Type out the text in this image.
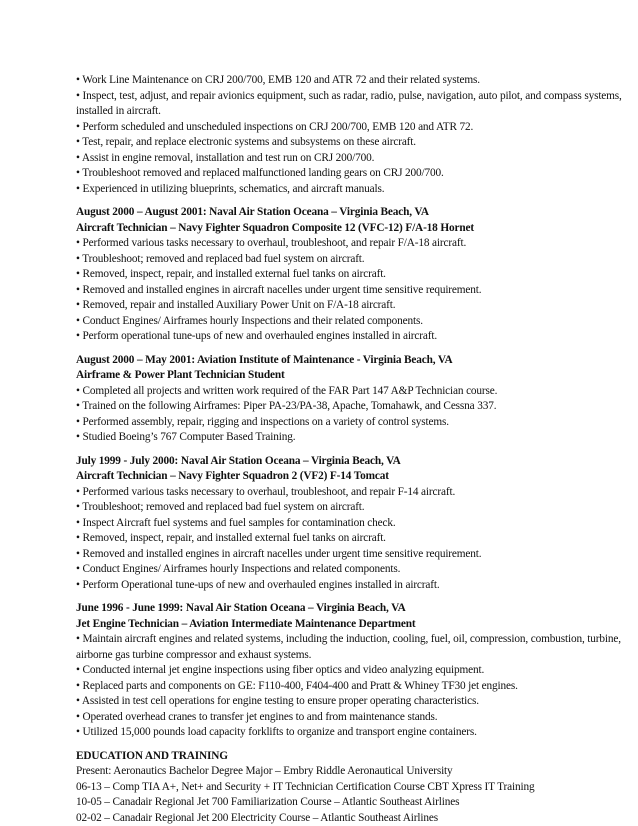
• Work Line Maintenance on CRJ 200/700, EMB 120 and ATR 72 and their related systems.
• Inspect, test, adjust, and repair avionics equipment, such as radar, radio, pulse, navigation, auto pilot, and compass systems, installed in aircraft.
• Perform scheduled and unscheduled inspections on CRJ 200/700, EMB 120 and ATR 72.
• Test, repair, and replace electronic systems and subsystems on these aircraft.
• Assist in engine removal, installation and test run on CRJ 200/700.
• Troubleshoot removed and replaced malfunctioned landing gears on CRJ 200/700.
• Experienced in utilizing blueprints, schematics, and aircraft manuals.
August 2000 – August 2001: Naval Air Station Oceana – Virginia Beach, VA
Aircraft Technician – Navy Fighter Squadron Composite 12 (VFC-12) F/A-18 Hornet
• Performed various tasks necessary to overhaul, troubleshoot, and repair F/A-18 aircraft.
• Troubleshoot; removed and replaced bad fuel system on aircraft.
• Removed, inspect, repair, and installed external fuel tanks on aircraft.
• Removed and installed engines in aircraft nacelles under urgent time sensitive requirement.
• Removed, repair and installed Auxiliary Power Unit on F/A-18 aircraft.
• Conduct Engines/ Airframes hourly Inspections and their related components.
• Perform operational tune-ups of new and overhauled engines installed in aircraft.
August 2000 – May 2001: Aviation Institute of Maintenance - Virginia Beach, VA
Airframe & Power Plant Technician Student
• Completed all projects and written work required of the FAR Part 147 A&P Technician course.
• Trained on the following Airframes: Piper PA-23/PA-38, Apache, Tomahawk, and Cessna 337.
• Performed assembly, repair, rigging and inspections on a variety of control systems.
• Studied Boeing’s 767 Computer Based Training.
July 1999 - July 2000: Naval Air Station Oceana – Virginia Beach, VA
Aircraft Technician – Navy Fighter Squadron 2 (VF2) F-14 Tomcat
• Performed various tasks necessary to overhaul, troubleshoot, and repair F-14 aircraft.
• Troubleshoot; removed and replaced bad fuel system on aircraft.
• Inspect Aircraft fuel systems and fuel samples for contamination check.
• Removed, inspect, repair, and installed external fuel tanks on aircraft.
• Removed and installed engines in aircraft nacelles under urgent time sensitive requirement.
• Conduct Engines/ Airframes hourly Inspections and related components.
• Perform Operational tune-ups of new and overhauled engines installed in aircraft.
June 1996 - June 1999: Naval Air Station Oceana – Virginia Beach, VA
Jet Engine Technician – Aviation Intermediate Maintenance Department
• Maintain aircraft engines and related systems, including the induction, cooling, fuel, oil, compression, combustion, turbine, airborne gas turbine compressor and exhaust systems.
• Conducted internal jet engine inspections using fiber optics and video analyzing equipment.
• Replaced parts and components on GE: F110-400, F404-400 and Pratt & Whiney TF30 jet engines.
• Assisted in test cell operations for engine testing to ensure proper operating characteristics.
• Operated overhead cranes to transfer jet engines to and from maintenance stands.
• Utilized 15,000 pounds load capacity forklifts to organize and transport engine containers.
EDUCATION AND TRAINING
Present: Aeronautics Bachelor Degree Major – Embry Riddle Aeronautical University
06-13 – Comp TIA A+, Net+ and Security + IT Technician Certification Course CBT Xpress IT Training
10-05 – Canadair Regional Jet 700 Familiarization Course – Atlantic Southeast Airlines
02-02 – Canadair Regional Jet 200 Electricity Course – Atlantic Southeast Airlines
